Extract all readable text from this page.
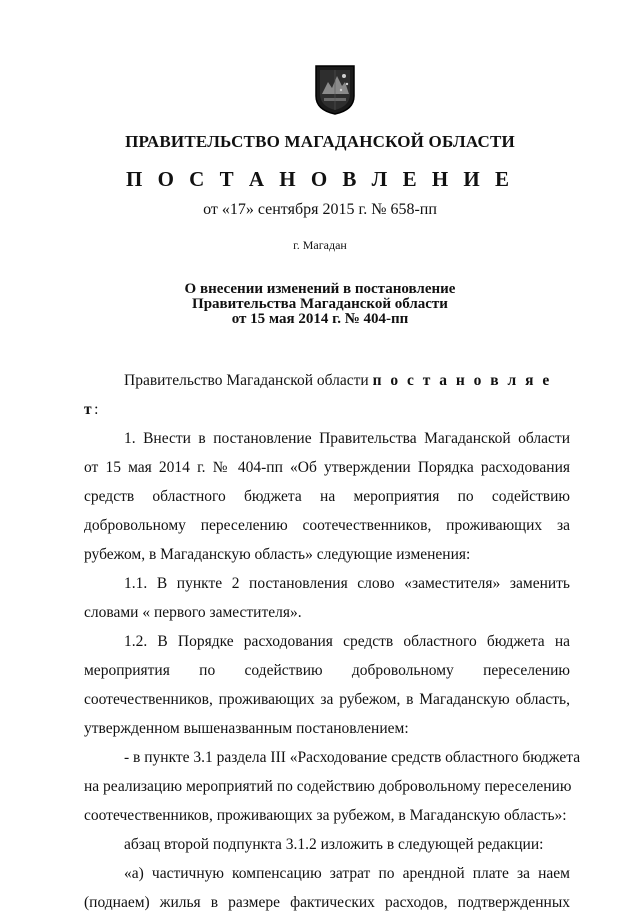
ПРАВИТЕЛЬСТВО МАГАДАНСКОЙ ОБЛАСТИ
П О С Т А Н О В Л Е Н И Е
от «17» сентября 2015 г. № 658-пп
г. Магадан
О внесении изменений в постановление
Правительства Магаданской области
от 15 мая 2014 г. № 404-пп
Правительство Магаданской области п о с т а н о в л я е т:
1. Внести в постановление Правительства Магаданской области
от 15 мая 2014 г. № 404-пп «Об утверждении Порядка расходования
средств областного бюджета на мероприятия по содействию
добровольному переселению соотечественников, проживающих за
рубежом, в Магаданскую область» следующие изменения:
1.1. В пункте 2 постановления слово «заместителя» заменить
словами « первого заместителя».
1.2. В Порядке расходования средств областного бюджета на
мероприятия по содействию добровольному переселению
соотечественников, проживающих за рубежом, в Магаданскую область,
утвержденном вышеназванным постановлением:
- в пункте 3.1 раздела III «Расходование средств областного бюджета
на реализацию мероприятий по содействию добровольному переселению
соотечественников, проживающих за рубежом, в Магаданскую область»:
абзац второй подпункта 3.1.2 изложить в следующей редакции:
«а) частичную компенсацию затрат по арендной плате за наем
(поднаем) жилья в размере фактических расходов, подтвержденных
